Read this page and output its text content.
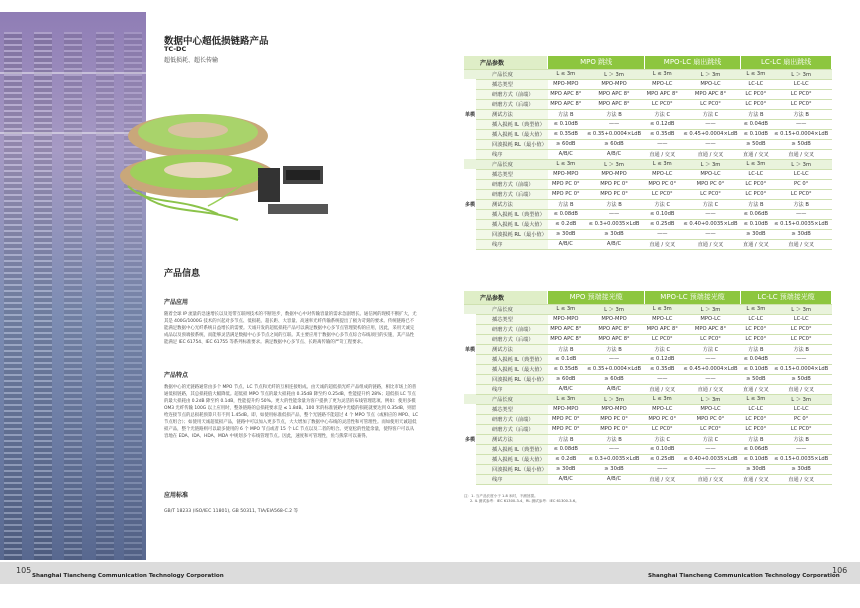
数据中心超低损链路产品
TC-DC
超低损耗、超长传输
产品信息
产品应用
随着全球 IP 流量的急速增长以及宽带互联网技术的不断进步，数据中心中对传输容量的需求急剧增长。通信网的现模不断扩大，尤其是 400G/1000G 技术的兴起对多节点、低损耗、超长距、大容量、高速率光纤传输系统提出了极为苛刻的要求。传统链路已不能满足数据中心光纤系统日益增长的需要。天诚开发的超低损耗产品可以满足数据中心多节点管理架构的应用，因此，采用天诚完成品以及预端接系统，而能够灵活满足数据中心多节点之间的互联。其主要应用于数据中心多节点综合布线项目的实施，其产品性能满足 IEC 61754、IEC 61755 等系列标准要求。满足数据中心多节点、长距离传输的严苛工程要求。
产品特点
数据中心的光链路通常由多个 MPO 节点、LC 节点和光纤的互相连接组成。由天诚的超低损光纤产品组成的链路，相比市场上的普通低损链路，其总损耗值大幅降低。超低损 MPO 节点的最大损耗由 0.35dB 降至约 0.25dB，性能提升约 28%；超低损 LC 节点的最大损耗由 0.2dB 降至约 0.1dB，性能提升约 50%。更大的性能余量为客户提供了更为灵活的布线管理选项。例如：使用多模 OM3 光纤传输 100G 以上应用时，整条链路的总损耗要求是 ≤ 1.8dB。100 米的标准链路中光缆的损耗就要达到 0.35dB，则留给连接节点的总损耗预算只有不到 1.45dB。即，如使用标准低损产品，整个光链路不能超过 4 个 MPO 节点（或相应的 MPO、LC 节点组合）；如使用天诚超低损产品，链路中可以加入更多节点，大大增加了数据中心布线的灵活性和可管理性。而如使用天诚超低损产品，整个光链路则可以最多使用的 6 个 MPO 节点或者 15 个 LC 节点以及二者的组合。更宽松的性能余量，使得客户可以从容地在 EDA、IDA、HDA、MDA 中规划多个布线管理节点。因此，速度和可管理性，鱼与熊掌可以兼得。
应用标准
GB/T 18233 (ISO/IEC 11801), GB 50311, TIA/EIA568-C.2 等
产品参数		MPO 跳线		MPO-LC 扇出跳线		LC-LC 扇出跳线	
	产品长度	L ≤ 3m	L ＞ 3m	L ≤ 3m	L ＞ 3m	L ≤ 3m	L ＞ 3m
	插芯类型	MPO-MPO	MPO-MPO	MPO-LC	MPO-LC	LC-LC	LC-LC
	研磨方式（前端）	MPO APC 8°	MPO APC 8°	MPO APC 8°	MPO APC 8°	LC PC0°	LC PC0°
	研磨方式（后端）	MPO APC 8°	MPO APC 8°	LC PC0°	LC PC0°	LC PC0°	LC PC0°
单模	测试方法	方法 B	方法 B	方法 C	方法 C	方法 B	方法 B
	插入损耗 IL（典型值）	≤ 0.10dB	——	≤ 0.12dB	——	≤ 0.04dB	——
	插入损耗 IL（最大值）	≤ 0.35dB	≤ 0.35+0.0004×LdB	≤ 0.35dB	≤ 0.45+0.0004×LdB	≤ 0.10dB	≤ 0.15+0.0004×LdB
	回波损耗 RL（最小值）	≥ 60dB	≥ 60dB	——	——	≥ 50dB	≥ 50dB
	线序	A/B/C	A/B/C	直通 / 交叉	直通 / 交叉	直通 / 交叉	直通 / 交叉
	产品长度	L ≤ 3m	L ＞ 3m	L ≤ 3m	L ＞ 3m	L ≤ 3m	L ＞ 3m
	插芯类型	MPO-MPO	MPO-MPO	MPO-LC	MPO-LC	LC-LC	LC-LC
	研磨方式（前端）	MPO PC 0°	MPO PC 0°	MPO PC 0°	MPO PC 0°	LC PC0°	PC 0°
	研磨方式（后端）	MPO PC 0°	MPO PC 0°	LC PC0°	LC PC0°	LC PC0°	LC PC0°
多模	测试方法	方法 B	方法 B	方法 C	方法 C	方法 B	方法 B
	插入损耗 IL（典型值）	≤ 0.08dB	——	≤ 0.10dB	——	≤ 0.06dB	——
	插入损耗 IL（最大值）	≤ 0.2dB	≤ 0.3+0.0035×LdB	≤ 0.25dB	≤ 0.40+0.0035×LdB	≤ 0.10dB	≤ 0.15+0.0035×LdB
	回波损耗 RL（最小值）	≥ 30dB	≥ 30dB	——	——	≥ 30dB	≥ 30dB
	线序	A/B/C	A/B/C	直通 / 交叉	直通 / 交叉	直通 / 交叉	直通 / 交叉
产品参数		MPO 预端接光缆		MPO-LC 预端接光缆		LC-LC 预端接光缆	
	产品长度	L ≤ 3m	L ＞ 3m	L ≤ 3m	L ＞ 3m	L ≤ 3m	L ＞ 3m
	插芯类型	MPO-MPO	MPO-MPO	MPO-LC	MPO-LC	LC-LC	LC-LC
	研磨方式（前端）	MPO APC 8°	MPO APC 8°	MPO APC 8°	MPO APC 8°	LC PC0°	LC PC0°
	研磨方式（后端）	MPO APC 8°	MPO APC 8°	LC PC0°	LC PC0°	LC PC0°	LC PC0°
单模	测试方法	方法 B	方法 B	方法 C	方法 C	方法 B	方法 B
	插入损耗 IL（典型值）	≤ 0.1dB	——	≤ 0.12dB	——	≤ 0.04dB	——
	插入损耗 IL（最大值）	≤ 0.35dB	≤ 0.35+0.0004×LdB	≤ 0.35dB	≤ 0.45+0.0004×LdB	≤ 0.10dB	≤ 0.15+0.0004×LdB
	回波损耗 RL（最小值）	≥ 60dB	≥ 60dB	——	——	≥ 50dB	≥ 50dB
	线序	A/B/C	A/B/C	直通 / 交叉	直通 / 交叉	直通 / 交叉	直通 / 交叉
	产品长度	L ≤ 3m	L ＞ 3m	L ≤ 3m	L ＞ 3m	L ≤ 3m	L ＞ 3m
	插芯类型	MPO-MPO	MPO-MPO	MPO-LC	MPO-LC	LC-LC	LC-LC
	研磨方式（前端）	MPO PC 0°	MPO PC 0°	MPO PC 0°	MPO PC 0°	LC PC0°	PC 0°
	研磨方式（后端）	MPO PC 0°	MPO PC 0°	LC PC0°	LC PC0°	LC PC0°	LC PC0°
多模	测试方法	方法 B	方法 B	方法 C	方法 C	方法 B	方法 B
	插入损耗 IL（典型值）	≤ 0.08dB	——	≤ 0.10dB	——	≤ 0.06dB	——
	插入损耗 IL（最大值）	≤ 0.2dB	≤ 0.3+0.0035×LdB	≤ 0.25dB	≤ 0.40+0.0035×LdB	≤ 0.10dB	≤ 0.15+0.0035×LdB
	回波损耗 RL（最小值）	≥ 30dB	≥ 30dB	——	——	≥ 30dB	≥ 30dB
	线序	A/B/C	A/B/C	直通 / 交叉	直通 / 交叉	直通 / 交叉	直通 / 交叉
注：1. 当产品长度小于 1.8 米时，不测回损。
2. IL 测试参考：IEC 61300-3-4，RL 测试参考：IEC 61300-3-6。
105
Shanghai Tiancheng Communication Technology Corporation	Shanghai Tiancheng Communication Technology Corporation
106
